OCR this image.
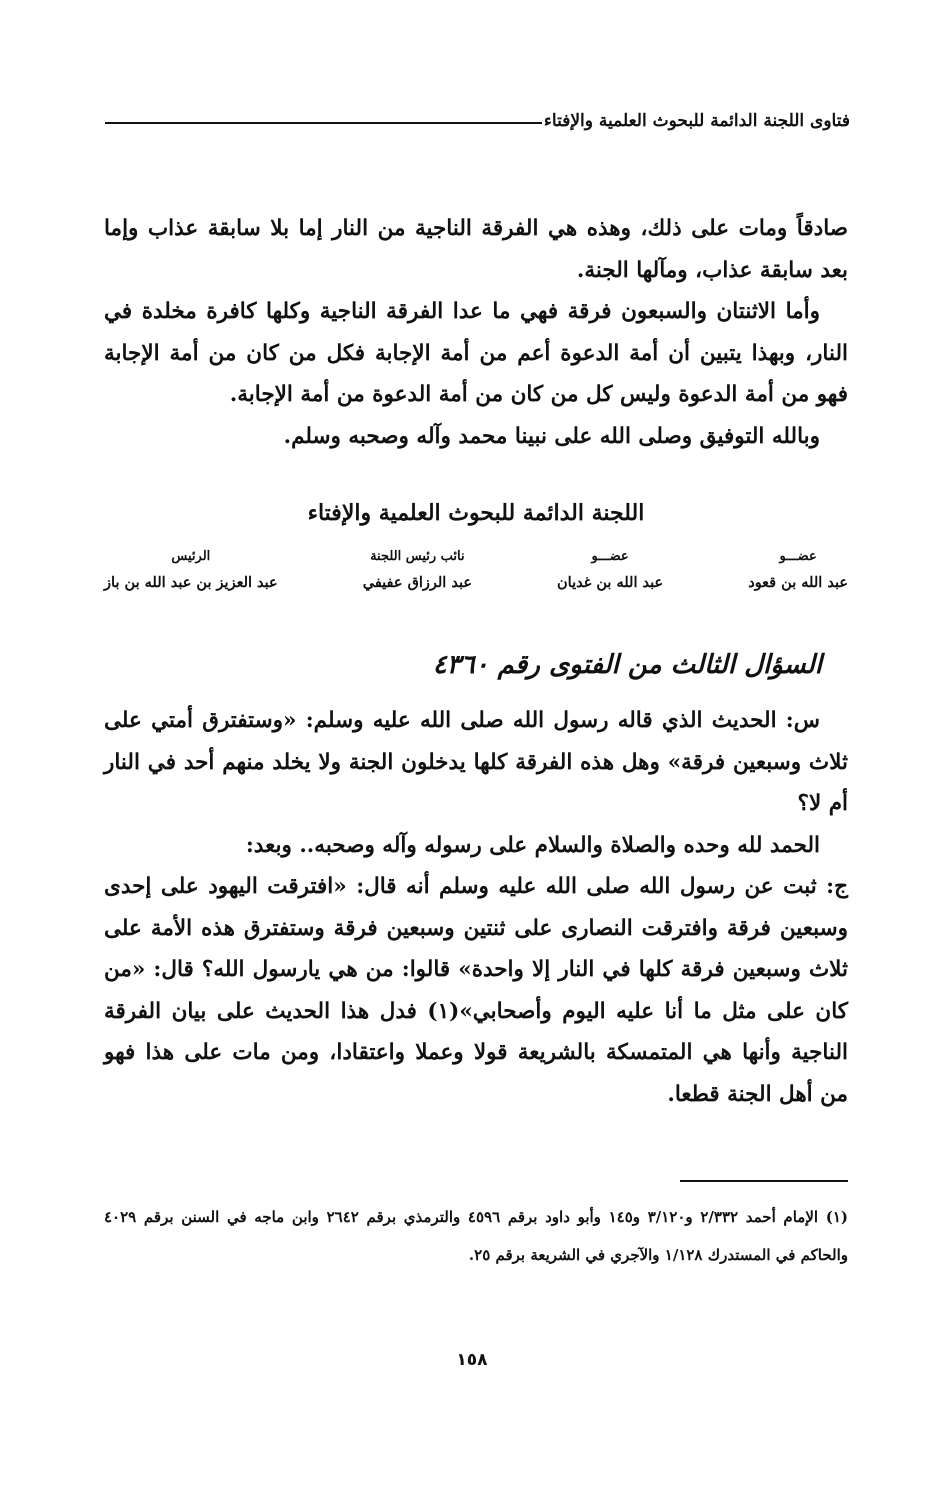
فتاوى اللجنة الدائمة للبحوث العلمية والإفتاء

صادقاً ومات على ذلك، وهذه هي الفرقة الناجية من النار إما بلا سابقة عذاب وإما بعد سابقة عذاب، ومآلها الجنة.

وأما الاثنتان والسبعون فرقة فهي ما عدا الفرقة الناجية وكلها كافرة مخلدة في النار، وبهذا يتبين أن أمة الدعوة أعم من أمة الإجابة فكل من كان من أمة الإجابة فهو من أمة الدعوة وليس كل من كان من أمة الدعوة من أمة الإجابة.

وبالله التوفيق وصلى الله على نبينا محمد وآله وصحبه وسلم.

اللجنة الدائمة للبحوث العلمية والإفتاء
الرئيس
عبد العزيز بن عبد الله بن باز
نائب رئيس اللجنة
عبد الرزاق عفيفي
عضـــو
عبد الله بن غديان
عضـــو
عبد الله بن قعود
السؤال الثالث من الفتوى رقم ٤٣٦٠

س: الحديث الذي قاله رسول الله صلى الله عليه وسلم: «وستفترق أمتي على ثلاث وسبعين فرقة» وهل هذه الفرقة كلها يدخلون الجنة ولا يخلد منهم أحد في النار أم لا؟

الحمد لله وحده والصلاة والسلام على رسوله وآله وصحبه.. وبعد:

ج: ثبت عن رسول الله صلى الله عليه وسلم أنه قال: «افترقت اليهود على إحدى وسبعين فرقة وافترقت النصارى على ثنتين وسبعين فرقة وستفترق هذه الأمة على ثلاث وسبعين فرقة كلها في النار إلا واحدة» قالوا: من هي يارسول الله؟ قال: «من كان على مثل ما أنا عليه اليوم وأصحابي»(١) فدل هذا الحديث على بيان الفرقة الناجية وأنها هي المتمسكة بالشريعة قولا وعملا واعتقادا، ومن مات على هذا فهو من أهل الجنة قطعا.

(١) الإمام أحمد ٢/٣٣٢ و٣/١٢٠ و١٤٥ وأبو داود برقم ٤٥٩٦ والترمذي برقم ٢٦٤٢ وابن ماجه في السنن برقم ٤٠٢٩ والحاكم في المستدرك ١/١٢٨ والآجري في الشريعة برقم ٢٥.

١٥٨
